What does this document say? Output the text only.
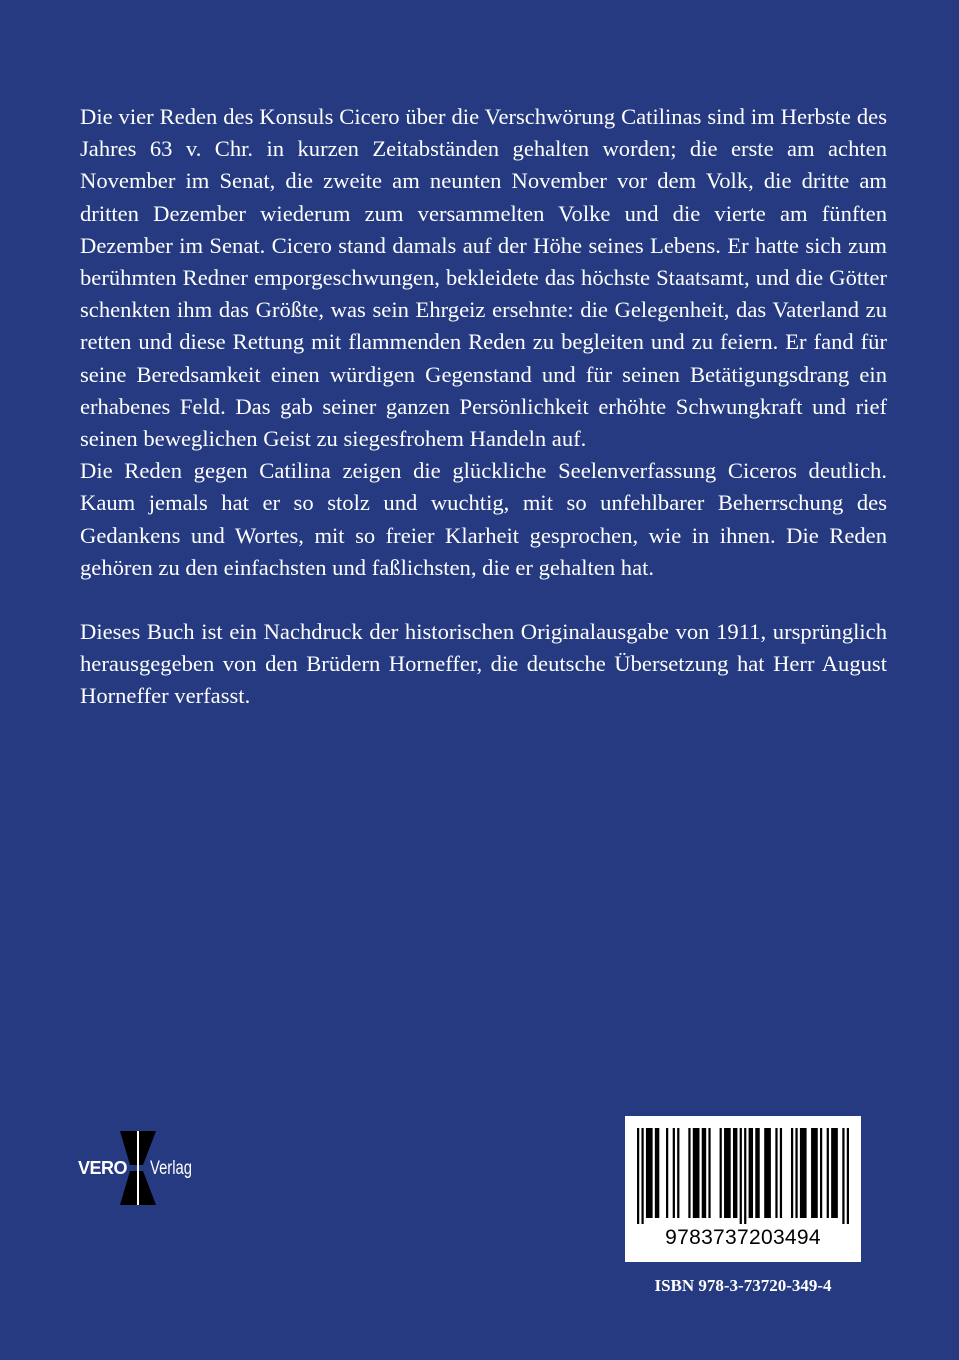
Die vier Reden des Konsuls Cicero über die Verschwörung Catilinas sind im Herbste des Jahres 63 v. Chr. in kurzen Zeitabständen gehalten worden; die erste am achten November im Senat, die zweite am neunten November vor dem Volk, die dritte am dritten Dezember wiederum zum versammelten Volke und die vierte am fünften Dezember im Senat. Cicero stand damals auf der Höhe seines Lebens. Er hatte sich zum berühmten Redner emporgeschwungen, bekleidete das höchste Staatsamt, und die Götter schenkten ihm das Größte, was sein Ehrgeiz ersehnte: die Gelegenheit, das Vaterland zu retten und diese Rettung mit flammenden Reden zu begleiten und zu feiern. Er fand für seine Beredsamkeit einen würdigen Gegenstand und für seinen Betätigungsdrang ein erhabenes Feld. Das gab seiner ganzen Persönlichkeit erhöhte Schwungkraft und rief seinen beweglichen Geist zu siegesfrohem Handeln auf.

Die Reden gegen Catilina zeigen die glückliche Seelenverfassung Ciceros deutlich. Kaum jemals hat er so stolz und wuchtig, mit so unfehlbarer Beherrschung des Gedankens und Wortes, mit so freier Klarheit gesprochen, wie in ihnen. Die Reden gehören zu den einfachsten und faßlichsten, die er gehalten hat.

Dieses Buch ist ein Nachdruck der historischen Originalausgabe von 1911, ursprünglich herausgegeben von den Brüdern Horneffer, die deutsche Übersetzung hat Herr August Horneffer verfasst.

VERO Verlag
9783737203494
ISBN 978-3-73720-349-4
